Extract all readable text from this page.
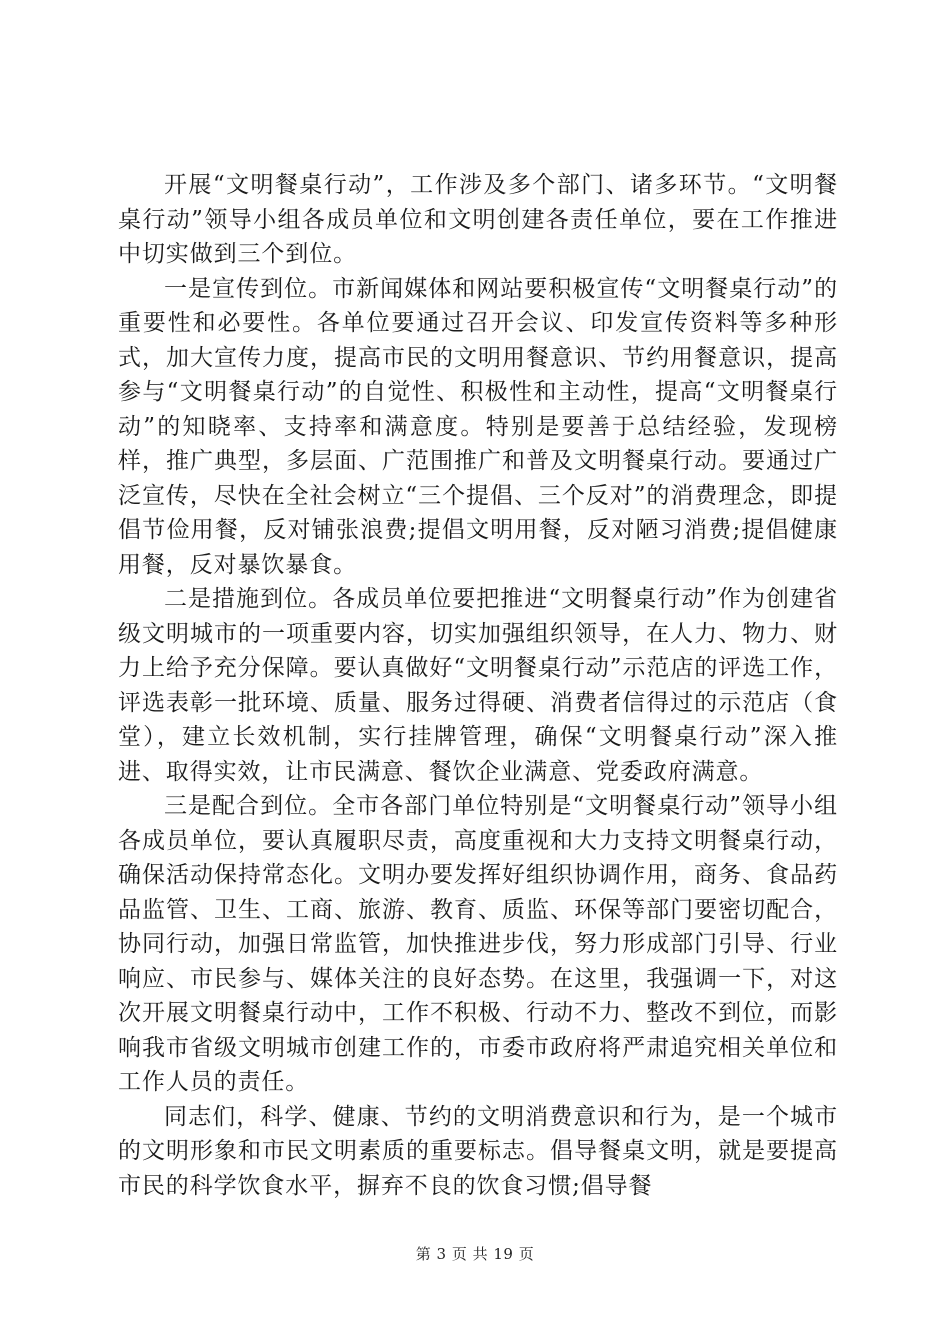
开展“文明餐桌行动”，工作涉及多个部门、诸多环节。“文明餐桌行动”领导小组各成员单位和文明创建各责任单位，要在工作推进中切实做到三个到位。

一是宣传到位。市新闻媒体和网站要积极宣传“文明餐桌行动”的重要性和必要性。各单位要通过召开会议、印发宣传资料等多种形式，加大宣传力度，提高市民的文明用餐意识、节约用餐意识，提高参与“文明餐桌行动”的自觉性、积极性和主动性，提高“文明餐桌行动”的知晓率、支持率和满意度。特别是要善于总结经验，发现榜样，推广典型，多层面、广范围推广和普及文明餐桌行动。要通过广泛宣传，尽快在全社会树立“三个提倡、三个反对”的消费理念，即提倡节俭用餐，反对铺张浪费;提倡文明用餐，反对陋习消费;提倡健康用餐，反对暴饮暴食。

二是措施到位。各成员单位要把推进“文明餐桌行动”作为创建省级文明城市的一项重要内容，切实加强组织领导，在人力、物力、财力上给予充分保障。要认真做好“文明餐桌行动”示范店的评选工作，评选表彰一批环境、质量、服务过得硬、消费者信得过的示范店（食堂），建立长效机制，实行挂牌管理，确保“文明餐桌行动”深入推进、取得实效，让市民满意、餐饮企业满意、党委政府满意。

三是配合到位。全市各部门单位特别是“文明餐桌行动”领导小组各成员单位，要认真履职尽责，高度重视和大力支持文明餐桌行动，确保活动保持常态化。文明办要发挥好组织协调作用，商务、食品药品监管、卫生、工商、旅游、教育、质监、环保等部门要密切配合，协同行动，加强日常监管，加快推进步伐，努力形成部门引导、行业响应、市民参与、媒体关注的良好态势。在这里，我强调一下，对这次开展文明餐桌行动中，工作不积极、行动不力、整改不到位，而影响我市省级文明城市创建工作的，市委市政府将严肃追究相关单位和工作人员的责任。

同志们，科学、健康、节约的文明消费意识和行为，是一个城市的文明形象和市民文明素质的重要标志。倡导餐桌文明，就是要提高市民的科学饮食水平，摒弃不良的饮食习惯;倡导餐

第 3 页 共 19 页
